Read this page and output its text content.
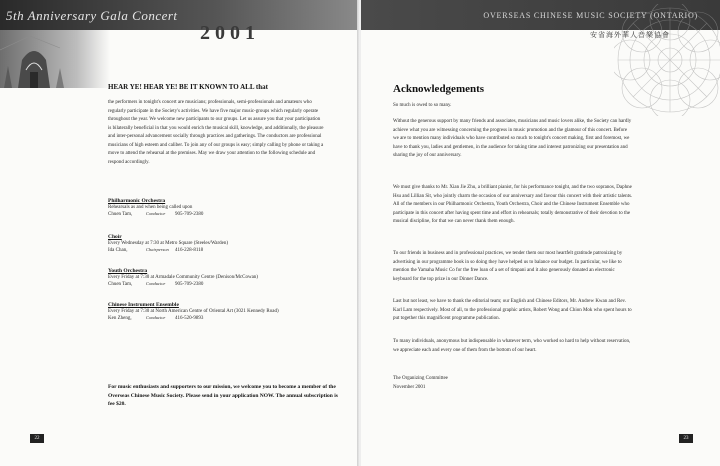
5th Anniversary Gala Concert
2001
HEAR YE! HEAR YE! BE IT KNOWN TO ALL that
the performers in tonight's concert are musicians; professionals, semi-professionals and amateurs who regularly participate in the Society's activities. We have five major music-groups which regularly operate throughout the year. We welcome new participants to our groups. Let us assure you that your participation is bilaterally beneficial in that you would enrich the musical skill, knowledge, and additionally, the pleasure and inter-personal advancement socially through practices and gatherings. The conductors are professional musicians of high esteem and caliber. To join any of our groups is easy; simply calling by phone or taking a move to attend the rehearsal at the premises. May we draw your attention to the following schedule and respond accordingly.
Philharmonic Orchestra
Rehearsals as and when being called upon
Chuen Tam,	Conductor 905-709-2380
Choir
Every Wednesday at 7:30 at Metro Square (Steeles/Warden)
Ida Chan,	Chairperson 416-228-8118
Youth Orchestra
Every Friday at 7:30 at Armadale Community Centre (Denison/McCowan)
Chuen Tam,	Conductor 905-709-2380
Chinese Instrument Ensemble
Every Friday at 7:30 at North American Centre of Oriental Art (3021 Kennedy Road)
Ken Zheng,	Conductor 416-520-9893
For music enthusiasts and supporters to our mission, we welcome you to become a member of the Overseas Chinese Music Society. Please send in your application NOW. The annual subscription is fee $20.
22
OVERSEAS CHINESE MUSIC SOCIETY (ONTARIO)
安省海外華人音樂協會
Acknowledgements
So much is owed to so many.
Without the generous support by many friends and associates, musicians and music lovers alike, the Society can hardly achieve what you are witnessing concerning the progress in music promotion and the glamour of this concert. Before we are to mention many individuals who have contributed so much to tonight's concert making, first and foremost, we have to thank you, ladies and gentlemen, in the audience for taking time and interest patronizing our presentation and sharing the joy of our anniversary.
We must give thanks to Mr. Xian Jie Zhu, a brilliant pianist, for his performance tonight, and the two sopranos, Daphne Hsu and Lillian Sit, who jointly charm the occasion of our anniversary and favour this concert with their artistic talents. All of the members in our Philharmonic Orchestra, Youth Orchestra, Choir and the Chinese Instrument Ensemble who participate in this concert after having spent time and effort in rehearsals; totally demonstrative of their devotion to the musical discipline, for that we can never thank them enough.
To our friends in business and in professional practices, we tender them our most heartfelt gratitude patronizing by advertising in our programme book in so doing they have helped us to balance our budget. In particular, we like to mention the Yamaha Music Co for the free loan of a set of timpani and it also generously donated an electronic keyboard for the top prize in our Dinner Dance.
Last but not least, we have to thank the editorial team; our English and Chinese Editors, Mr. Andrew Kwan and Rev. Karl Lam respectively. Most of all, to the professional graphic artists, Robert Wong and Chion Mok who spent hours to put together this magnificent programme publication.
To many individuals, anonymous but indispensable in whatever term, who worked so hard to help without reservation, we appreciate each and every one of them from the bottom of our heart.
The Organizing Committee
November 2001
23
